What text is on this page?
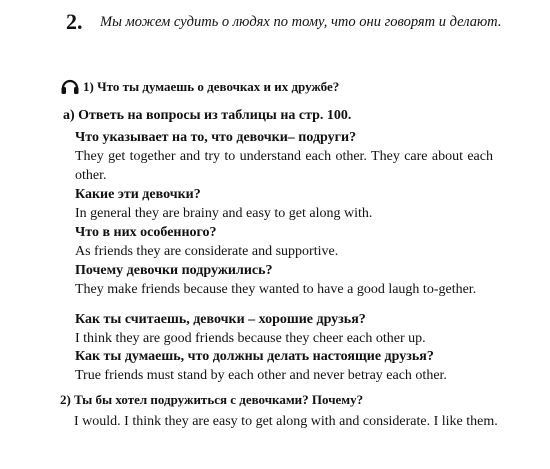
2. Мы можем судить о людях по тому, что они говорят и делают.
1) Что ты думаешь о девочках и их дружбе?
а) Ответь на вопросы из таблицы на стр. 100.
Что указывает на то, что девочки– подруги?
They get together and try to understand each other. They care about each other.
Какие эти девочки?
In general they are brainy and easy to get along with.
Что в них особенного?
As friends they are considerate and supportive.
Почему девочки подружились?
They make friends because they wanted to have a good laugh to-gether.
Как ты считаешь, девочки – хорошие друзья?
I think they are good friends because they cheer each other up.
Как ты думаешь, что должны делать настоящие друзья?
True friends must stand by each other and never betray each other.
2) Ты бы хотел подружиться с девочками? Почему?
I would. I think they are easy to get along with and considerate. I like them.
